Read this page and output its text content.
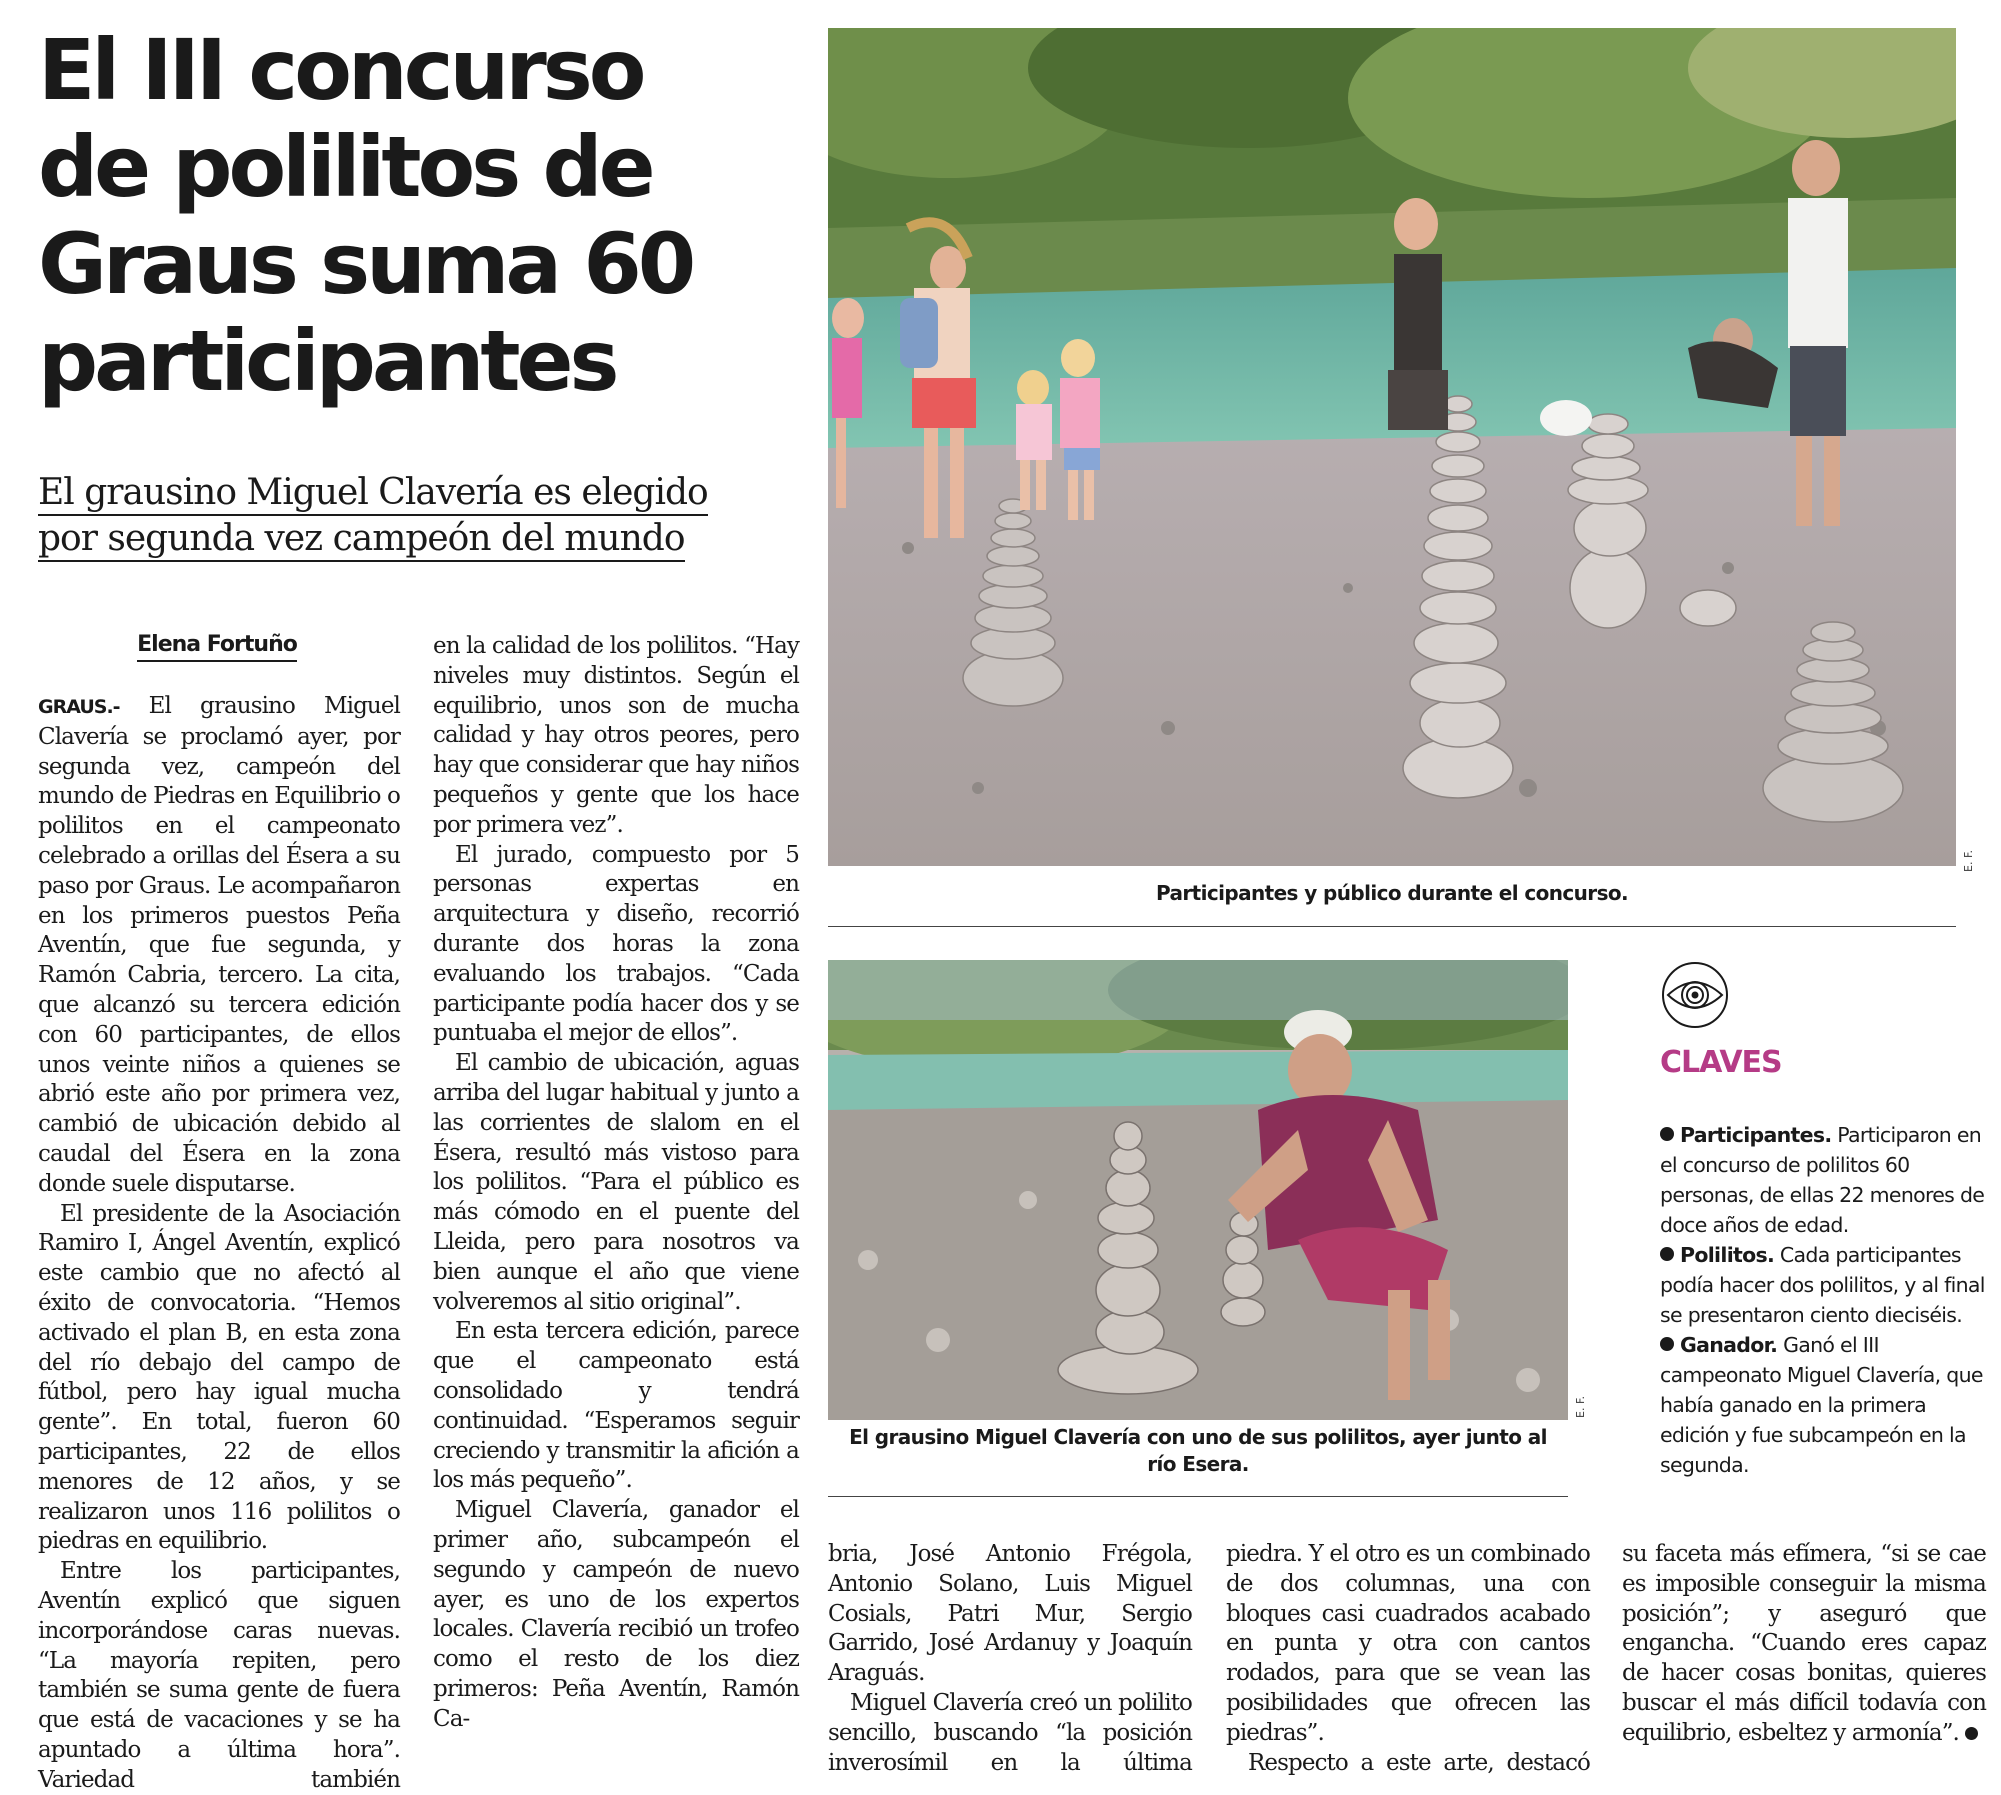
El III concurso
de polilitos de
Graus suma 60
participantes
El grausino Miguel Clavería es elegido
por segunda vez campeón del mundo
Elena Fortuño

GRAUS.- El grausino Miguel Clavería se proclamó ayer, por segunda vez, campeón del mundo de Piedras en Equilibrio o polilitos en el campeonato celebrado a orillas del Ésera a su paso por Graus. Le acompañaron en los primeros puestos Peña Aventín, que fue segunda, y Ramón Cabria, tercero. La cita, que alcanzó su tercera edición con 60 participantes, de ellos unos veinte niños a quienes se abrió este año por primera vez, cambió de ubicación debido al caudal del Ésera en la zona donde suele disputarse.

El presidente de la Asociación Ramiro I, Ángel Aventín, explicó este cambio que no afectó al éxito de convocatoria. “Hemos activado el plan B, en esta zona del río debajo del campo de fútbol, pero hay igual mucha gente”. En total, fueron 60 participantes, 22 de ellos menores de 12 años, y se realizaron unos 116 polilitos o piedras en equilibrio.

Entre los participantes, Aventín explicó que siguen incorporándose caras nuevas. “La mayoría repiten, pero también se suma gente de fuera que está de vacaciones y se ha apuntado a última hora”. Variedad también

en la calidad de los polilitos. “Hay niveles muy distintos. Según el equilibrio, unos son de mucha calidad y hay otros peores, pero hay que considerar que hay niños pequeños y gente que los hace por primera vez”.

El jurado, compuesto por 5 personas expertas en arquitectura y diseño, recorrió durante dos horas la zona evaluando los trabajos. “Cada participante podía hacer dos y se puntuaba el mejor de ellos”.

El cambio de ubicación, aguas arriba del lugar habitual y junto a las corrientes de slalom en el Ésera, resultó más vistoso para los polilitos. “Para el público es más cómodo en el puente del Lleida, pero para nosotros va bien aunque el año que viene volveremos al sitio original”.

En esta tercera edición, parece que el campeonato está consolidado y tendrá continuidad. “Esperamos seguir creciendo y transmitir la afición a los más pequeño”.

Miguel Clavería, ganador el primer año, subcampeón el segundo y campeón de nuevo ayer, es uno de los expertos locales. Clavería recibió un trofeo como el resto de los diez primeros: Peña Aventín, Ramón Ca-

bria, José Antonio Frégola, Antonio Solano, Luis Miguel Cosials, Patri Mur, Sergio Garrido, José Ardanuy y Joaquín Araguás.

Miguel Clavería creó un polilito sencillo, buscando “la posición inverosímil en la última

piedra. Y el otro es un combinado de dos columnas, una con bloques casi cuadrados acabado en punta y otra con cantos rodados, para que se vean las posibilidades que ofrecen las piedras”.

Respecto a este arte, destacó

su faceta más efímera, “si se cae es imposible conseguir la misma posición”; y aseguró que engancha. “Cuando eres capaz de hacer cosas bonitas, quieres buscar el más difícil todavía con equilibrio, esbeltez y armonía”.

E. F.
Participantes y público durante el concurso.
E. F.
El grausino Miguel Clavería con uno de sus polilitos, ayer junto al
río Esera.
CLAVES

Participantes. Participaron en el concurso de polilitos 60 personas, de ellas 22 menores de doce años de edad.

Polilitos. Cada participantes podía hacer dos polilitos, y al final se presentaron ciento dieciséis.

Ganador. Ganó el III campeonato Miguel Clavería, que había ganado en la primera edición y fue subcampeón en la segunda.
